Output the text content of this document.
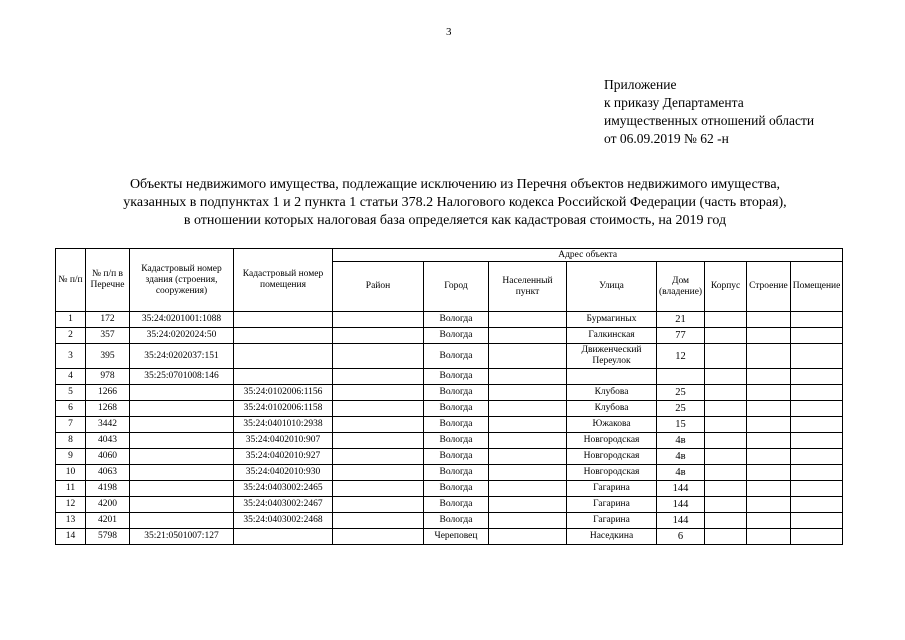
3
Приложение
к приказу Департамента
имущественных отношений области
от 06.09.2019 № 62 -н
Объекты недвижимого имущества, подлежащие исключению из Перечня объектов недвижимого имущества,
указанных в подпунктах 1 и 2 пункта 1 статьи 378.2 Налогового кодекса Российской Федерации (часть вторая),
в отношении которых налоговая база определяется как кадастровая стоимость, на 2019 год
№ п/п	№ п/п в Перечне	Кадастровый номер здания (строения, сооружения)	Кадастровый номер помещения	Адрес объекта							
				Район	Город	Населенный пункт	Улица	Дом (владение)	Корпус	Строение	Помещение
1	172	35:24:0201001:1088			Вологда		Бурмагиных	21			
2	357	35:24:0202024:50			Вологда		Галкинская	77			
3	395	35:24:0202037:151			Вологда		Движенческий Переулок	12			
4	978	35:25:0701008:146			Вологда						
5	1266		35:24:0102006:1156		Вологда		Клубова	25			
6	1268		35:24:0102006:1158		Вологда		Клубова	25			
7	3442		35:24:0401010:2938		Вологда		Южакова	15			
8	4043		35:24:0402010:907		Вологда		Новгородская	4в			
9	4060		35:24:0402010:927		Вологда		Новгородская	4в			
10	4063		35:24:0402010:930		Вологда		Новгородская	4в			
11	4198		35:24:0403002:2465		Вологда		Гагарина	144			
12	4200		35:24:0403002:2467		Вологда		Гагарина	144			
13	4201		35:24:0403002:2468		Вологда		Гагарина	144			
14	5798	35:21:0501007:127			Череповец		Наседкина	6			
